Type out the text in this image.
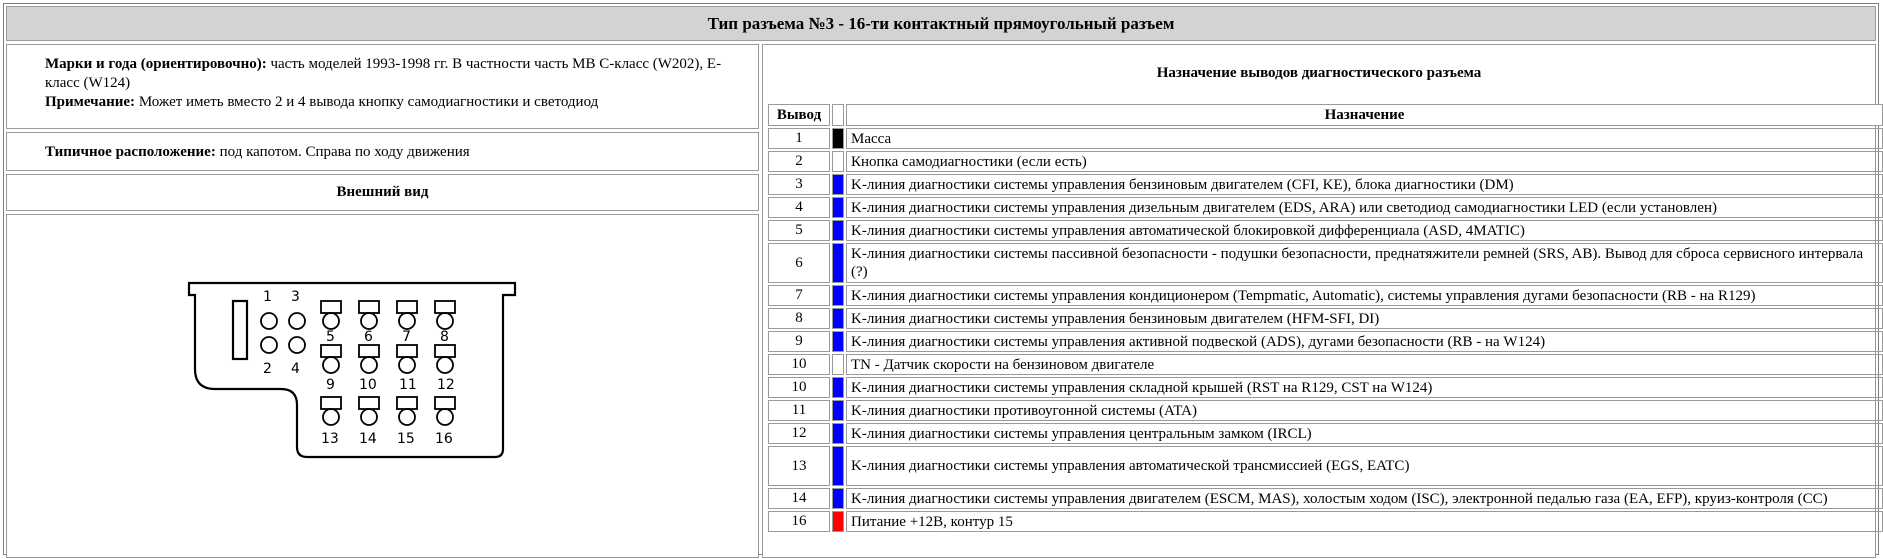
Тип разъема №3 - 16-ти контактный прямоугольный разъем

Марки и года (ориентировочно): часть моделей 1993-1998 гг. В частности часть MB C-класс (W202), E-класс (W124)

Примечание: Может иметь вместо 2 и 4 вывода кнопку самодиагностики и светодиод

Типичное расположение: под капотом. Справа по ходу движения
Внешний вид
1 3
2 4
5 6 7 8
9 10 11 12
13 14 15 16
Назначение выводов диагностического разъема
Вывод		Назначение
1		Масса
2		Кнопка самодиагностики (если есть)
3		K-линия диагностики системы управления бензиновым двигателем (CFI, KE), блока диагностики (DM)
4		K-линия диагностики системы управления дизельным двигателем (EDS, ARA) или светодиод самодиагностики LED (если установлен)
5		K-линия диагностики системы управления автоматической блокировкой дифференциала (ASD, 4MATIC)
6		K-линия диагностики системы пассивной безопасности - подушки безопасности, преднатяжители ремней (SRS, AB). Вывод для сброса сервисного интервала (?)
7		K-линия диагностики системы управления кондиционером (Tempmatic, Automatic), системы управления дугами безопасности (RB - на R129)
8		K-линия диагностики системы управления бензиновым двигателем (HFM-SFI, DI)
9		K-линия диагностики системы управления активной подвеской (ADS), дугами безопасности (RB - на W124)
10		TN - Датчик скорости на бензиновом двигателе
10		K-линия диагностики системы управления складной крышей (RST на R129, CST на W124)
11		K-линия диагностики противоугонной системы (ATA)
12		K-линия диагностики системы управления центральным замком (IRCL)
13		K-линия диагностики системы управления автоматической трансмиссией (EGS, EATC)
14		K-линия диагностики системы управления двигателем (ESCM, MAS), холостым ходом (ISC), электронной педалью газа (EA, EFP), круиз-контроля (CC)
16		Питание +12В, контур 15
